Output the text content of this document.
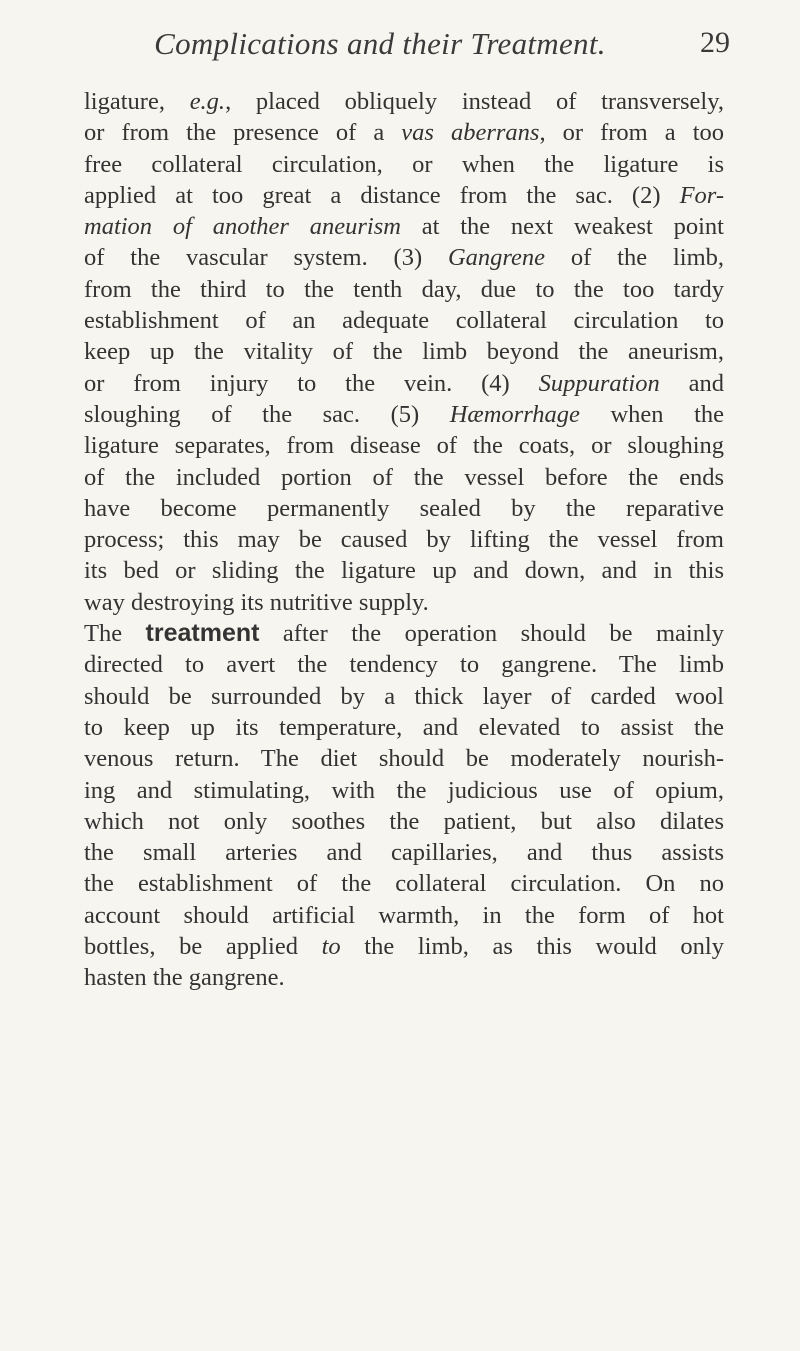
Complications and their Treatment.	29
ligature, e.g., placed obliquely instead of transversely,
or from the presence of a vas aberrans, or from a too
free collateral circulation, or when the ligature is
applied at too great a distance from the sac. (2) For-
mation of another aneurism at the next weakest point
of the vascular system. (3) Gangrene of the limb,
from the third to the tenth day, due to the too tardy
establishment of an adequate collateral circulation to
keep up the vitality of the limb beyond the aneurism,
or from injury to the vein. (4) Suppuration and
sloughing of the sac. (5) Hæmorrhage when the
ligature separates, from disease of the coats, or sloughing
of the included portion of the vessel before the ends
have become permanently sealed by the reparative
process; this may be caused by lifting the vessel from
its bed or sliding the ligature up and down, and in this
way destroying its nutritive supply.
The treatment after the operation should be mainly
directed to avert the tendency to gangrene. The limb
should be surrounded by a thick layer of carded wool
to keep up its temperature, and elevated to assist the
venous return. The diet should be moderately nourish-
ing and stimulating, with the judicious use of opium,
which not only soothes the patient, but also dilates
the small arteries and capillaries, and thus assists
the establishment of the collateral circulation. On no
account should artificial warmth, in the form of hot
bottles, be applied to the limb, as this would only
hasten the gangrene.
